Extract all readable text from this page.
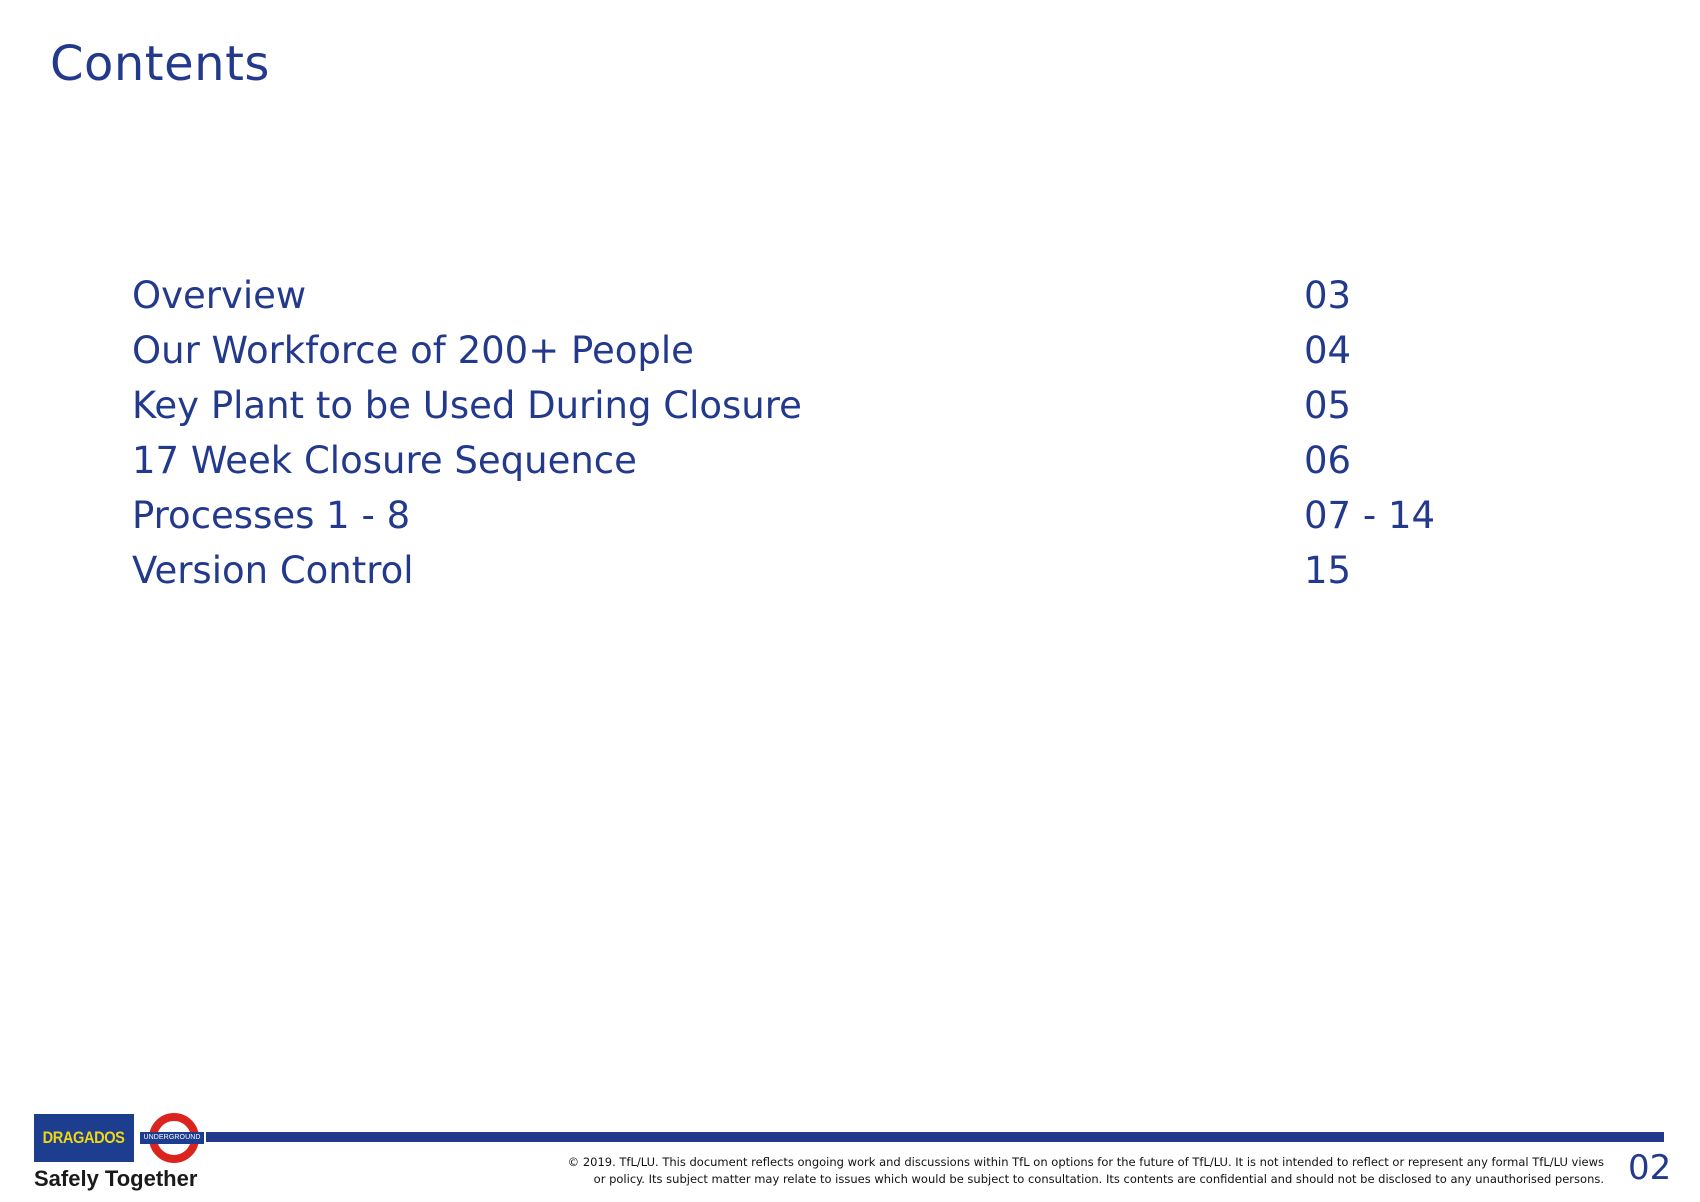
Contents
Overview	03
Our Workforce of 200+ People	04
Key Plant to be Used During Closure	05
17 Week Closure Sequence	06
Processes 1 - 8	07 - 14
Version Control	15
DRAGADOS	UNDERGROUND
Safely Together

© 2019. TfL/LU. This document reflects ongoing work and discussions within TfL on options for the future of TfL/LU. It is not intended to reflect or represent any formal TfL/LU views
or policy. Its subject matter may relate to issues which would be subject to consultation. Its contents are confidential and should not be disclosed to any unauthorised persons. 02
